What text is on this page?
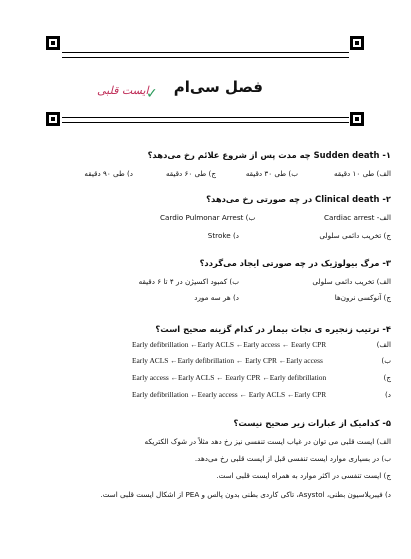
فصل سی‌ام
✓
ایست قلبی
۱- Sudden death چه مدت پس از شروع علائم رخ می‌دهد؟
الف) طی ۱۰ دقیقه
ب) طی ۳۰ دقیقه
ج) طی ۶۰ دقیقه
د) طی ۹۰ دقیقه
۲- Clinical death در چه صورتی رخ می‌دهد؟
الف- Cardiac arrest
Cardio Pulmonar Arrest (ب
ج) تخریب دائمی سلولی
د) Stroke
۳- مرگ بیولوژیک در چه صورتی ایجاد می‌گردد؟
الف) تخریب دائمی سلولی
ب) کمبود اکسیژن در ۴ تا ۶ دقیقه
ج) آنوکسی نرون‌ها
د) هر سه مورد
۴- ترتیب زنجیره ی نجات بیمار در کدام گزینه صحیح است؟
الف)
Early defibrillation ←Early ACLS ←Early access ← Eearly CPR
ب)
Early ACLS ←Early defibrillation ← Early CPR ←Early access
ج)
Early access ←Early ACLS ← Eearly CPR ←Early defibrillation
د)
Early defibrillation ←Eearly access ← Early ACLS ←Early CPR
۵- کدامیک از عبارات زیر صحیح نیست؟
الف) ایست قلبی می توان در غیاب ایست تنفسی نیز رخ دهد مثلاً در شوک الکتریکه
ب) در بسیاری موارد ایست تنفسی قبل از ایست قلبی رخ می‌دهد.
ج) ایست تنفسی در اکثر موارد به همراه ایست قلبی است.
د) فیبریلاسیون بطنی، Asystol، تاکی کاردی بطنی بدون پالس و PEA از اشکال ایست قلبی است.
